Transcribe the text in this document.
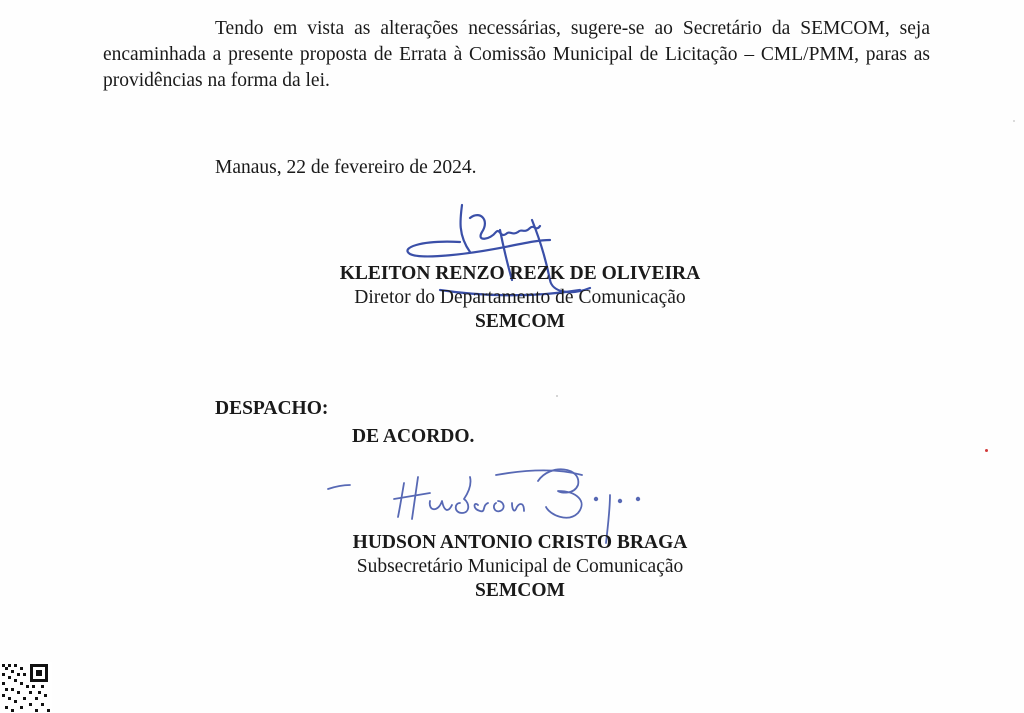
Tendo em vista as alterações necessárias, sugere-se ao Secretário da SEMCOM, seja encaminhada a presente proposta de Errata à Comissão Municipal de Licitação – CML/PMM, paras as providências na forma da lei.
Manaus, 22 de fevereiro de 2024.
KLEITON RENZO REZK DE OLIVEIRA
Diretor do Departamento de Comunicação
SEMCOM
DESPACHO:
DE ACORDO.
HUDSON ANTONIO CRISTO BRAGA
Subsecretário Municipal de Comunicação
SEMCOM
